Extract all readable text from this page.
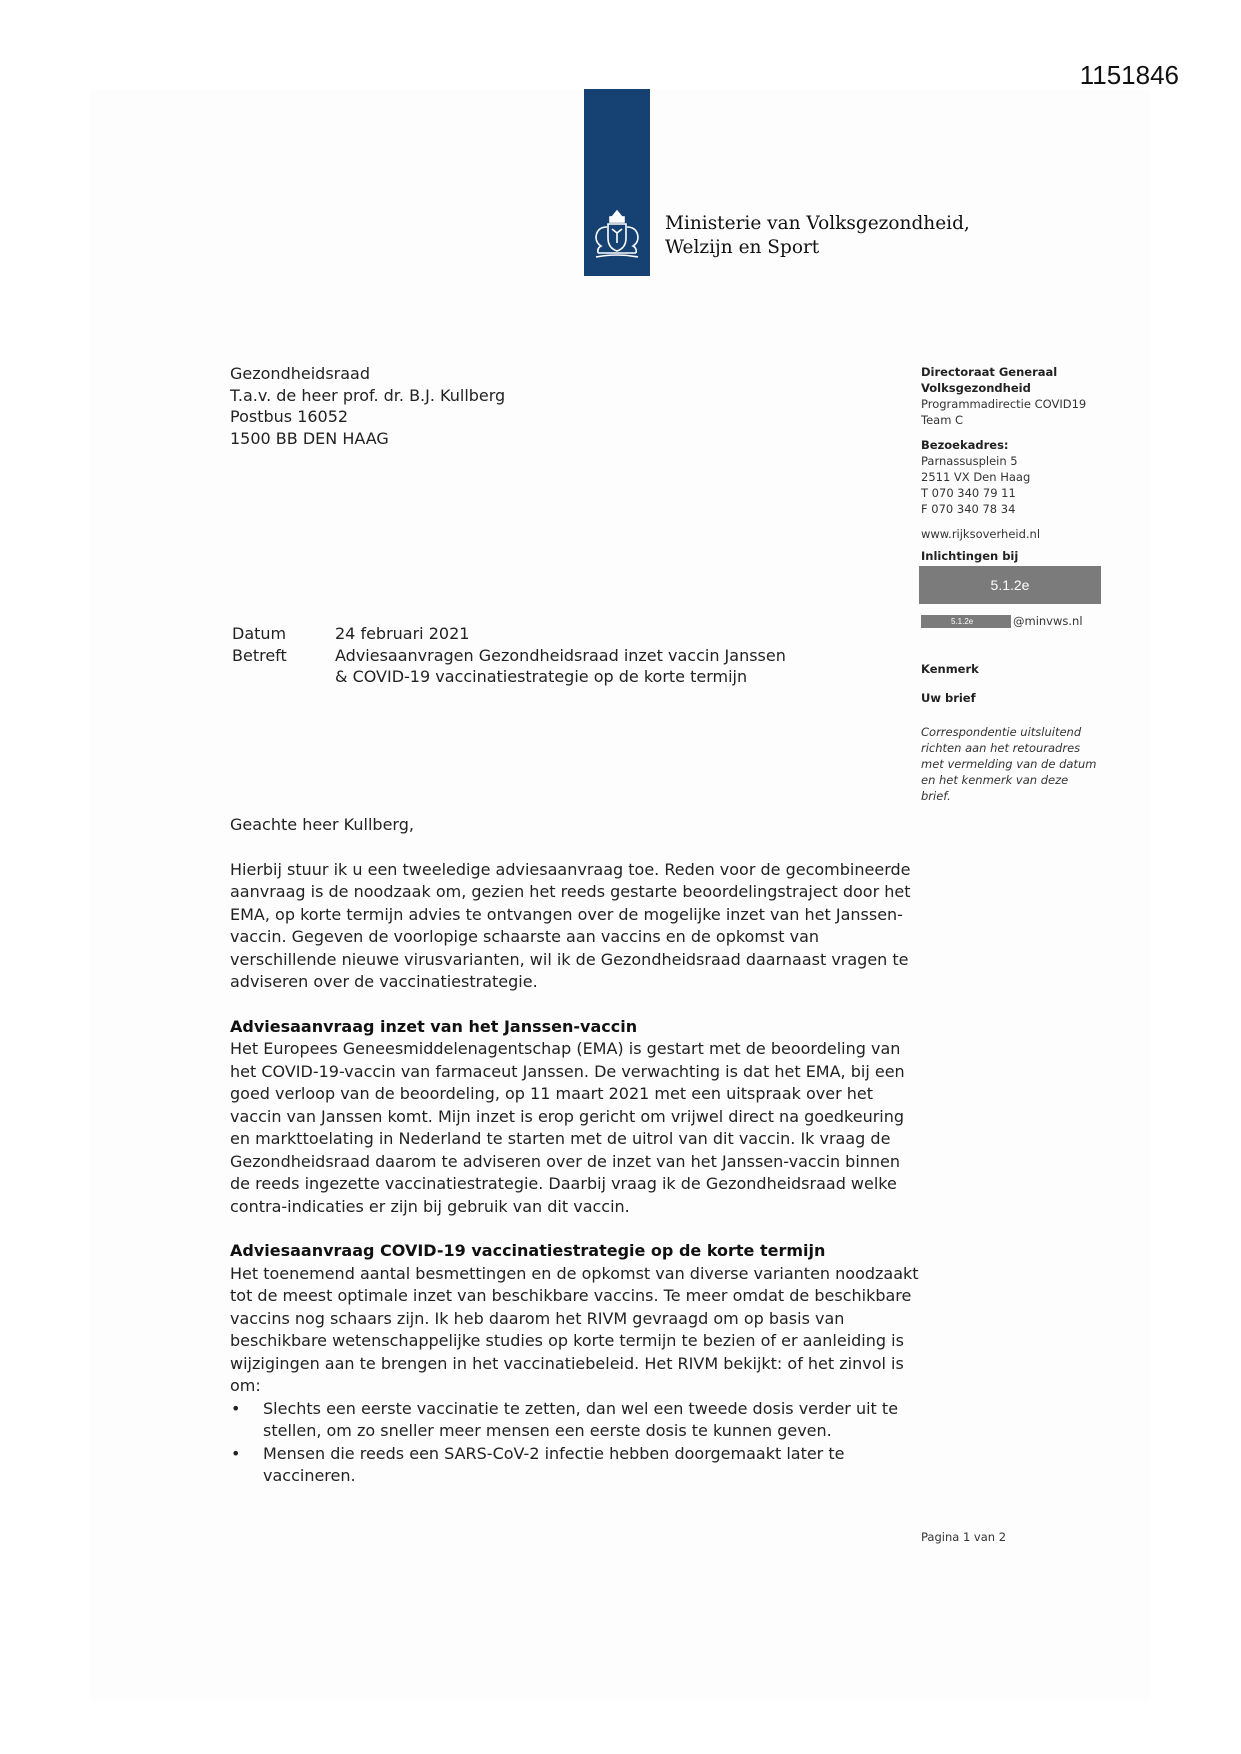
1151846
Ministerie van Volksgezondheid,
Welzijn en Sport
Gezondheidsraad
T.a.v. de heer prof. dr. B.J. Kullberg
Postbus 16052
1500 BB DEN HAAG
Directoraat Generaal
Volksgezondheid
Programmadirectie COVID19
Team C
Bezoekadres:
Parnassusplein 5
2511 VX Den Haag
T 070 340 79 11
F 070 340 78 34
www.rijksoverheid.nl
Inlichtingen bij
5.1.2e
5.1.2e	@minvws.nl
Kenmerk
Uw brief
Correspondentie uitsluitend
richten aan het retouradres
met vermelding van de datum
en het kenmerk van deze
brief.
Datum	24 februari 2021
Betreft	Adviesaanvragen Gezondheidsraad inzet vaccin Janssen
& COVID-19 vaccinatiestrategie op de korte termijn

Geachte heer Kullberg,

Hierbij stuur ik u een tweeledige adviesaanvraag toe. Reden voor de gecombineerde aanvraag is de noodzaak om, gezien het reeds gestarte beoordelingstraject door het EMA, op korte termijn advies te ontvangen over de mogelijke inzet van het Janssen-vaccin. Gegeven de voorlopige schaarste aan vaccins en de opkomst van verschillende nieuwe virusvarianten, wil ik de Gezondheidsraad daarnaast vragen te adviseren over de vaccinatiestrategie.

Adviesaanvraag inzet van het Janssen-vaccin

Het Europees Geneesmiddelenagentschap (EMA) is gestart met de beoordeling van het COVID-19-vaccin van farmaceut Janssen. De verwachting is dat het EMA, bij een goed verloop van de beoordeling, op 11 maart 2021 met een uitspraak over het vaccin van Janssen komt. Mijn inzet is erop gericht om vrijwel direct na goedkeuring en markttoelating in Nederland te starten met de uitrol van dit vaccin. Ik vraag de Gezondheidsraad daarom te adviseren over de inzet van het Janssen-vaccin binnen de reeds ingezette vaccinatiestrategie. Daarbij vraag ik de Gezondheidsraad welke contra-indicaties er zijn bij gebruik van dit vaccin.

Adviesaanvraag COVID-19 vaccinatiestrategie op de korte termijn

Het toenemend aantal besmettingen en de opkomst van diverse varianten noodzaakt tot de meest optimale inzet van beschikbare vaccins. Te meer omdat de beschikbare vaccins nog schaars zijn. Ik heb daarom het RIVM gevraagd om op basis van beschikbare wetenschappelijke studies op korte termijn te bezien of er aanleiding is wijzigingen aan te brengen in het vaccinatiebeleid. Het RIVM bekijkt: of het zinvol is om:

• Slechts een eerste vaccinatie te zetten, dan wel een tweede dosis verder uit te stellen, om zo sneller meer mensen een eerste dosis te kunnen geven.
• Mensen die reeds een SARS-CoV-2 infectie hebben doorgemaakt later te vaccineren.
Pagina 1 van 2
